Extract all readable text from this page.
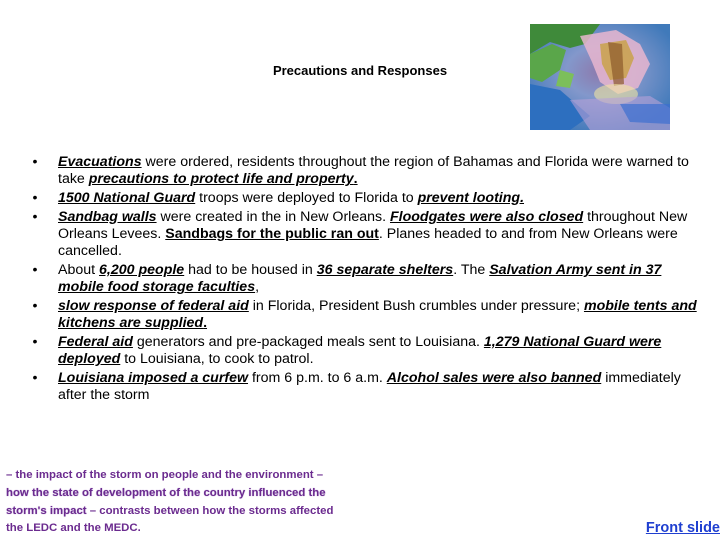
Precautions and Responses
• Evacuations were ordered, residents throughout the region of Bahamas and Florida were warned to take precautions to protect life and property.
• 1500 National Guard troops were deployed to Florida to prevent looting.
• Sandbag walls were created in the in New Orleans. Floodgates were also closed throughout New Orleans Levees. Sandbags for the public ran out. Planes headed to and from New Orleans were cancelled.
• About 6,200 people had to be housed in 36 separate shelters. The Salvation Army sent in 37 mobile food storage faculties,
• slow response of federal aid in Florida, President Bush crumbles under pressure; mobile tents and kitchens are supplied.
• Federal aid generators and pre-packaged meals sent to Louisiana. 1,279 National Guard were deployed to Louisiana, to cook to patrol.
• Louisiana imposed a curfew from 6 p.m. to 6 a.m. Alcohol sales were also banned immediately after the storm
– the impact of the storm on people and the environment –
how the state of development of the country influenced the
storm's impact – contrasts between how the storms affected
the LEDC and the MEDC.	Front slide
